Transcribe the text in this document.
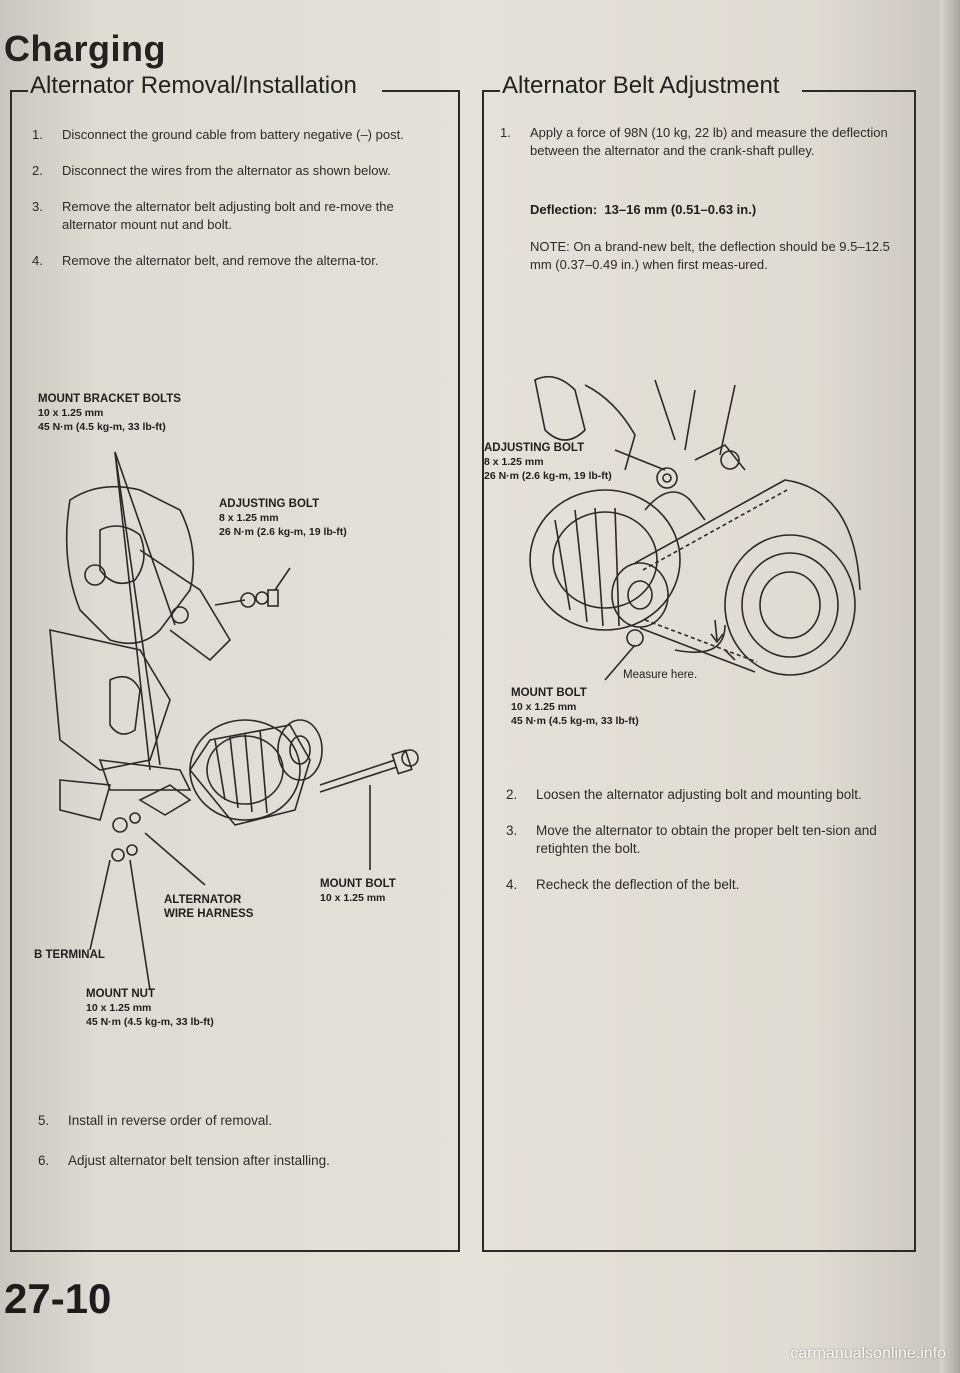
Charging
Alternator Removal/Installation
1. Disconnect the ground cable from battery negative (–) post.
2. Disconnect the wires from the alternator as shown below.
3. Remove the alternator belt adjusting bolt and re-move the alternator mount nut and bolt.
4. Remove the alternator belt, and remove the alterna-tor.
MOUNT BRACKET BOLTS
10 x 1.25 mm
45 N·m (4.5 kg-m, 33 lb-ft)
ADJUSTING BOLT
8 x 1.25 mm
26 N·m (2.6 kg-m, 19 lb-ft)
MOUNT BOLT
10 x 1.25 mm
ALTERNATOR
WIRE HARNESS
B TERMINAL
MOUNT NUT
10 x 1.25 mm
45 N·m (4.5 kg-m, 33 lb-ft)
5. Install in reverse order of removal.
6. Adjust alternator belt tension after installing.
Alternator Belt Adjustment
1. Apply a force of 98N (10 kg, 22 lb) and measure the deflection between the alternator and the crank-shaft pulley.
Deflection: 13–16 mm (0.51–0.63 in.)
NOTE: On a brand-new belt, the deflection should be 9.5–12.5 mm (0.37–0.49 in.) when first meas-ured.
ADJUSTING BOLT
8 x 1.25 mm
26 N·m (2.6 kg-m, 19 lb-ft)
Measure here.
MOUNT BOLT
10 x 1.25 mm
45 N·m (4.5 kg-m, 33 lb-ft)
2. Loosen the alternator adjusting bolt and mounting bolt.
3. Move the alternator to obtain the proper belt ten-sion and retighten the bolt.
4. Recheck the deflection of the belt.
27-10
carmanualsonline.info
